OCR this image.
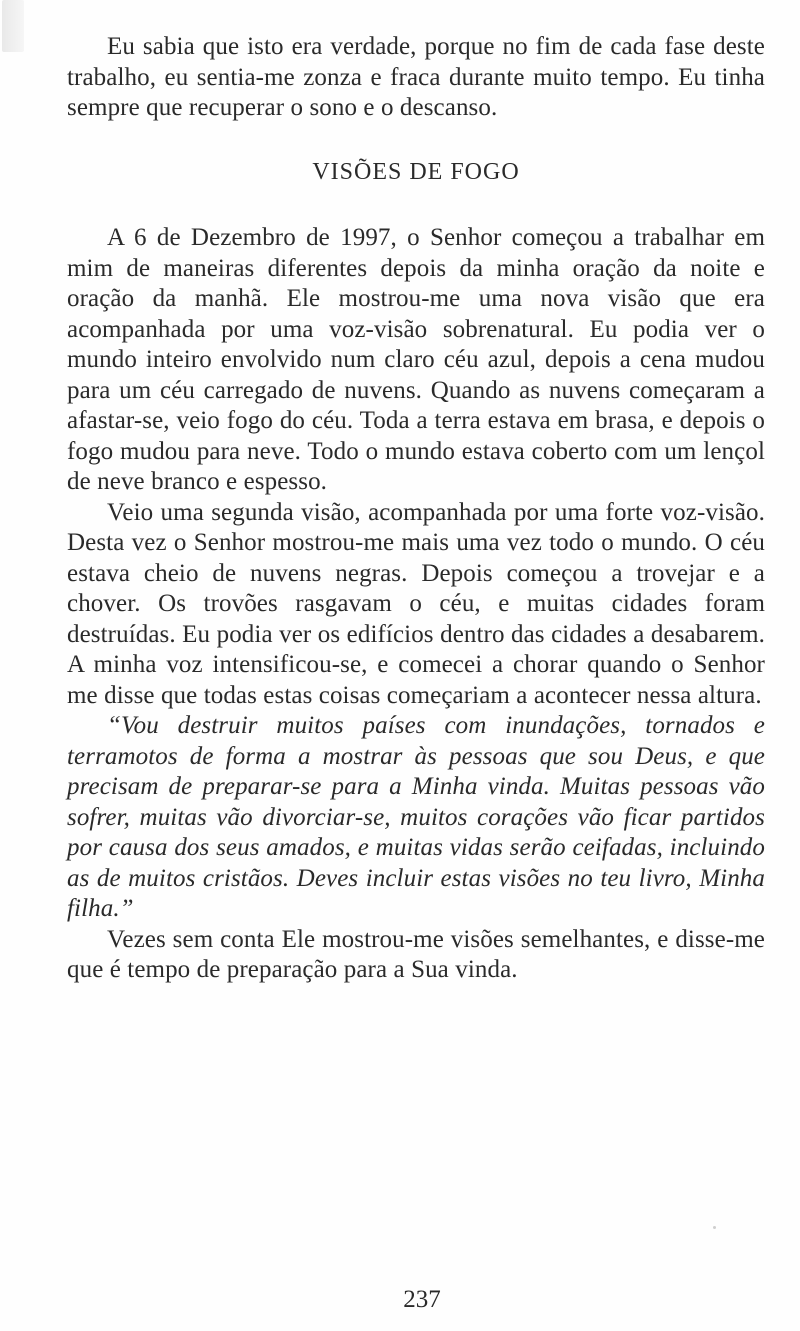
Eu sabia que isto era verdade, porque no fim de cada fase deste trabalho, eu sentia-me zonza e fraca durante muito tempo. Eu tinha sempre que recuperar o sono e o descanso.

VISÕES DE FOGO

A 6 de Dezembro de 1997, o Senhor começou a trabalhar em mim de maneiras diferentes depois da minha oração da noite e oração da manhã. Ele mostrou-me uma nova visão que era acompanhada por uma voz-visão sobrenatural. Eu podia ver o mundo inteiro envolvido num claro céu azul, depois a cena mudou para um céu carregado de nuvens. Quando as nuvens começaram a afastar-se, veio fogo do céu. Toda a terra estava em brasa, e depois o fogo mudou para neve. Todo o mundo estava coberto com um lençol de neve branco e espesso.

Veio uma segunda visão, acompanhada por uma forte voz-visão. Desta vez o Senhor mostrou-me mais uma vez todo o mundo. O céu estava cheio de nuvens negras. Depois começou a trovejar e a chover. Os trovões rasgavam o céu, e muitas cidades foram destruídas. Eu podia ver os edifícios dentro das cidades a desabarem. A minha voz intensificou-se, e comecei a chorar quando o Senhor me disse que todas estas coisas começariam a acontecer nessa altura.

“Vou destruir muitos países com inundações, tornados e terramotos de forma a mostrar às pessoas que sou Deus, e que precisam de preparar-se para a Minha vinda. Muitas pessoas vão sofrer, muitas vão divorciar-se, muitos corações vão ficar partidos por causa dos seus amados, e muitas vidas serão ceifadas, incluindo as de muitos cristãos. Deves incluir estas visões no teu livro, Minha filha.”

Vezes sem conta Ele mostrou-me visões semelhantes, e disse-me que é tempo de preparação para a Sua vinda.

237
